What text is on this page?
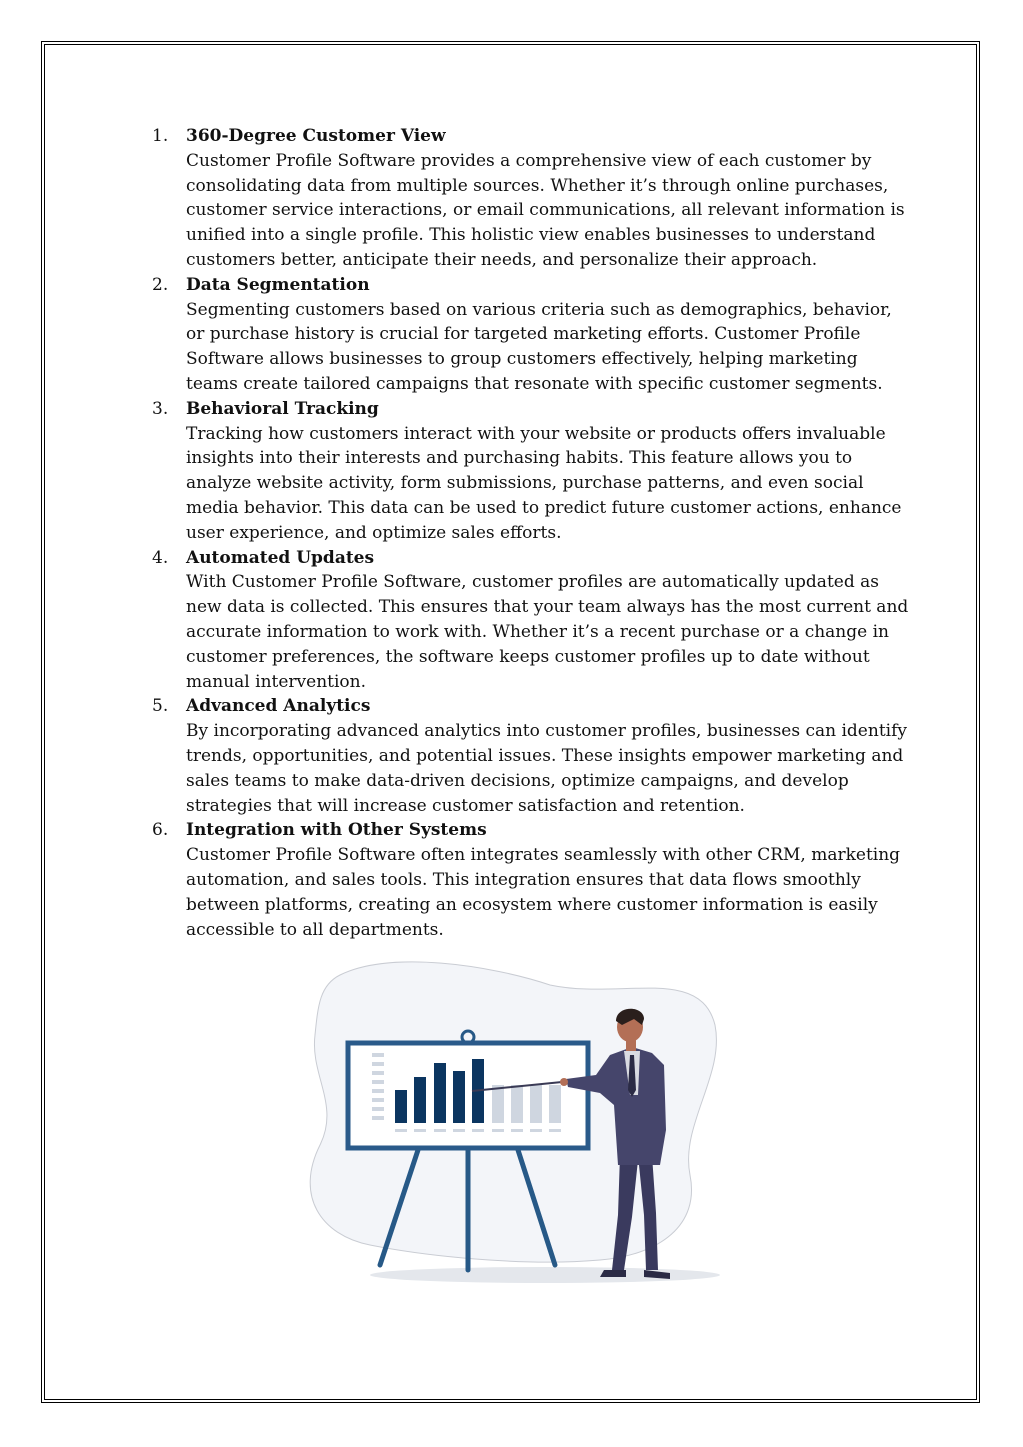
1. 360-Degree Customer View
Customer Profile Software provides a comprehensive view of each customer by consolidating data from multiple sources. Whether it’s through online purchases, customer service interactions, or email communications, all relevant information is unified into a single profile. This holistic view enables businesses to understand customers better, anticipate their needs, and personalize their approach.
2. Data Segmentation
Segmenting customers based on various criteria such as demographics, behavior, or purchase history is crucial for targeted marketing efforts. Customer Profile Software allows businesses to group customers effectively, helping marketing teams create tailored campaigns that resonate with specific customer segments.
3. Behavioral Tracking
Tracking how customers interact with your website or products offers invaluable insights into their interests and purchasing habits. This feature allows you to analyze website activity, form submissions, purchase patterns, and even social media behavior. This data can be used to predict future customer actions, enhance user experience, and optimize sales efforts.
4. Automated Updates
With Customer Profile Software, customer profiles are automatically updated as new data is collected. This ensures that your team always has the most current and accurate information to work with. Whether it’s a recent purchase or a change in customer preferences, the software keeps customer profiles up to date without manual intervention.
5. Advanced Analytics
By incorporating advanced analytics into customer profiles, businesses can identify trends, opportunities, and potential issues. These insights empower marketing and sales teams to make data-driven decisions, optimize campaigns, and develop strategies that will increase customer satisfaction and retention.
6. Integration with Other Systems
Customer Profile Software often integrates seamlessly with other CRM, marketing automation, and sales tools. This integration ensures that data flows smoothly between platforms, creating an ecosystem where customer information is easily accessible to all departments.
